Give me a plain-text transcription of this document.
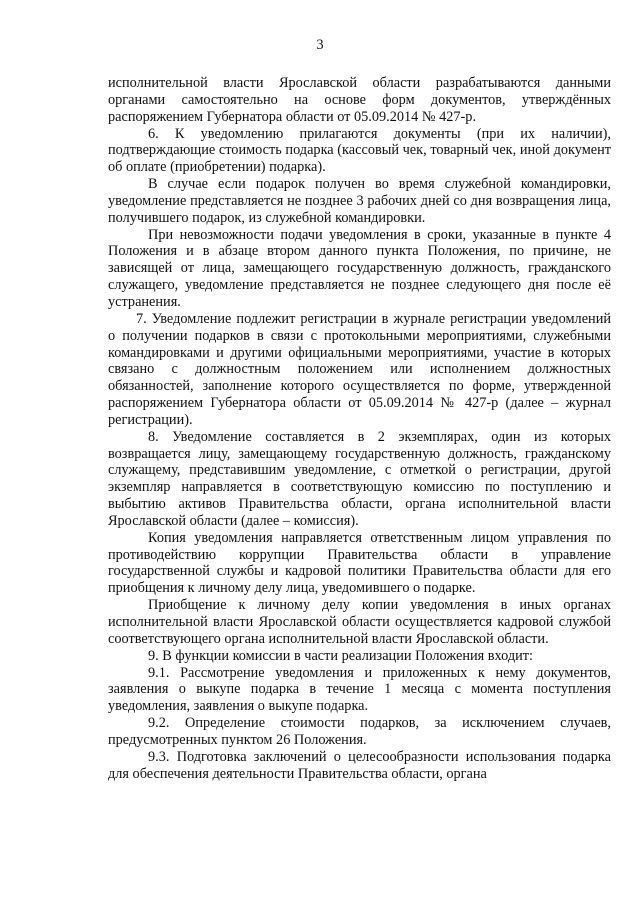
3

исполнительной власти Ярославской области разрабатываются данными органами самостоятельно на основе форм документов, утверждённых распоряжением Губернатора области от 05.09.2014 № 427-р.

6. К уведомлению прилагаются документы (при их наличии), подтверждающие стоимость подарка (кассовый чек, товарный чек, иной документ об оплате (приобретении) подарка).

В случае если подарок получен во время служебной командировки, уведомление представляется не позднее 3 рабочих дней со дня возвращения лица, получившего подарок, из служебной командировки.

При невозможности подачи уведомления в сроки, указанные в пункте 4 Положения и в абзаце втором данного пункта Положения, по причине, не зависящей от лица, замещающего государственную должность, гражданского служащего, уведомление представляется не позднее следующего дня после её устранения.

7. Уведомление подлежит регистрации в журнале регистрации уведомлений о получении подарков в связи с протокольными мероприятиями, служебными командировками и другими официальными мероприятиями, участие в которых связано с должностным положением или исполнением должностных обязанностей, заполнение которого осуществляется по форме, утвержденной распоряжением Губернатора области от 05.09.2014 № 427-р (далее – журнал регистрации).

8. Уведомление составляется в 2 экземплярах, один из которых возвращается лицу, замещающему государственную должность, гражданскому служащему, представившим уведомление, с отметкой о регистрации, другой экземпляр направляется в соответствующую комиссию по поступлению и выбытию активов Правительства области, органа исполнительной власти Ярославской области (далее – комиссия).

Копия уведомления направляется ответственным лицом управления по противодействию коррупции Правительства области в управление государственной службы и кадровой политики Правительства области для его приобщения к личному делу лица, уведомившего о подарке.

Приобщение к личному делу копии уведомления в иных органах исполнительной власти Ярославской области осуществляется кадровой службой соответствующего органа исполнительной власти Ярославской области.

9. В функции комиссии в части реализации Положения входит:

9.1. Рассмотрение уведомления и приложенных к нему документов, заявления о выкупе подарка в течение 1 месяца с момента поступления уведомления, заявления о выкупе подарка.

9.2. Определение стоимости подарков, за исключением случаев, предусмотренных пунктом 26 Положения.

9.3. Подготовка заключений о целесообразности использования подарка для обеспечения деятельности Правительства области, органа
